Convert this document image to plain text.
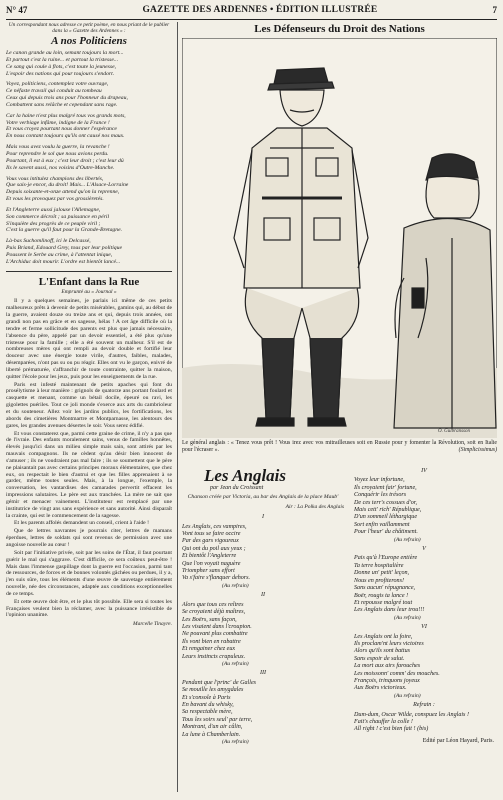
N° 47	GAZETTE DES ARDENNES • ÉDITION ILLUSTRÉE	7

Un correspondant nous adresse ce petit poème, en nous priant de le publier dans la « Gazette des Ardennes » :

A nos Politiciens
Le canon grande au loin, semant toujours la mort...
Et partout c'est la ruine... et partout la tristesse...
Ce sang qui coule à flots, c'est toute la jeunesse,
L'espoir des nations qui pour toujours s'endort.
Voyez, politiciens, contemplez votre ouvrage,
Ce néfaste travail qui conduit au tombeau
Ceux qui depuis trois ans pour l'honneur du drapeau,
Combattent sans relâche et cependant sans rage.
Car la haine n'est plus malgré tous vos grands mots,
Votre verbiage infâme, indigne de la France !
Et vous croyez pourtant nous donner l'espérance
En nous contant toujours qu'ils ont causé nos maux.
Mais vous avez voulu la guerre, la revanche !
Pour reprendre le sol que nous avions perdu.
Pourtant, il est à eux ; c'est leur droit ; c'est leur dû
Ils le savent aussi, nos voisins d'Outre-Manche.
Vous vous intitulez champions des libertés,
Que sais-je encor, du droit! Mais... L'Alsace-Lorraine
Depuis soixante-et-onze attend qu'on la reprenne,
Et vous les provoquez par vos grossièretés.
Et l'Angleterre aussi jalouse l'Allemagne,
Son commerce décroît ; sa puissance en péril
S'inquiète des progrès de ce peuple viril ;
C'est la guerre qu'il faut pour la Grande-Bretagne.
Là-bas Suchomlinoff, ici le Delcassé,
Puis Briand, Edouard Grey, tous par leur politique
Poussent le Serbe au crime, à l'attentat inique,
L'Archiduc doit mourir. L'ordre est bientôt lancé...
L'Enfant dans la Rue
Emprunté au « Journal »

Il y a quelques semaines, je parlais ici même de ces petits malheureux prêts à devenir de petits misérables, gamins qui, au début de la guerre, avaient douze ou treize ans et qui, depuis trois années, ont grandi non pas en grâce et en sagesse, hélas ! A cet âge difficile où la tendre et ferme sollicitude des parents est plus que jamais nécessaire, l'absence du père, appelé par un devoir essentiel, a été plus qu'une tristesse pour la famille ; elle a été souvent un malheur. S'il est de nombreuses mères qui ont rempli au devoir double et fortifié leur douceur avec une énergie toute virile, d'autres, faibles, malades, désemparées, n'ont pas su ou pu réagir. Elles ont vu le garçon, enivré de liberté prématurée, s'affranchir de toute contrainte, quitter la maison, quitter l'école pour les jeux, puis pour les enseignements de la rue.

Paris est infesté maintenant de petits apaches qui font du prosélytisme à leur manière : grignols de quatorze ans portant foulard et casquette et menant, comme un bétail docile, épeuré ou ravi, les gigolettes puériles. Tout ce joli monde s'exerce aux arts du cambrioleur et du souteneur. Allez voir les jardins publics, les fortifications, les abords des cimetières Montmartre et Montparnasse, les alentours des gares, les grandes avenues désertes le soir. Vous serez édifié.

Et vous constaterez que, parmi cette graine de crime, il n'y a pas que de l'ivraie. Des enfants moralement sains, venus de familles honnêtes, élevés jusqu'ici dans un milieu simple mais sain, sont attirés par les mauvais compagnons. Ils ne cèdent qu'au désir bien innocent de s'amuser ; ils ne voudraient pas mal faire ; ils se soumettent que le père ne plaisantait pas avec certains principes moraux élémentaires, que chez eux, on respectait le bien d'autrui et que les filles apprenaient à se garder, même toutes seules. Mais, à la longue, l'exemple, la conversation, les vantardises des camarades pervertit effacent les impressions salutaires. Le père est aux tranchées. La mère ne sait que gémir et menacer vainement. L'instituteur est remplacé par une institutrice de vingt ans sans expérience et sans autorité. Ainsi disparaît la crainte, qui est le commencement de la sagesse.

Et les parents affolés demandent un conseil, crient à l'aide !

Que de lettres navrantes je pourrais citer, lettres de mamans éperdues, lettres de soldats qui sont revenus de permission avec une angoisse nouvelle au cœur !

Soit par l'initiative privée, soit par les soins de l'État, il faut pourtant guérir le mal qui s'aggrave. C'est difficile, ce sera coûteux peut-être ! Mais dans l'immense gaspillage dont la guerre est l'occasion, parmi tant de ressources, de forces et de bonnes volontés gâchées ou perdues, il y a, j'en suis sûre, tous les éléments d'une œuvre de sauvetage entièrement nouvelle, née des circonstances, adaptée aux conditions exceptionnelles de ce temps.

Et cette œuvre doit être, et le plus tôt possible. Elle sera si toutes les Françaises veulent bien la réclamer, avec la puissance irrésistible de l'opinion unanime.

Marcelle Tinayre.
Les Défenseurs du Droit des Nations
O. Gulbransson
Le général anglais : « Tenez vous prêt ! Vous irez avec vos mitrailleuses soit en Russie pour y fomenter la Révolution, soit en Italie pour l'écraser ».	(Simplicissimus)
Les Anglais
par Jean du Croissant
Chanson créée par Victoria, au bar des Anglais de la place Maub'
Air : La Polka des Anglais
I
Les Anglais, ces vampires,
Vont tous se faire occire
Par des gars vigoureux
Qui ont du poil aux yeux ;
Et bientôt l'Angleterre
Que l'on voyait naguère
Triompher sans effort
Va s'faire s'flanquer dehors.
(Au refrain)
II
Alors que tous ces reîtres
Se croyaient déjà maîtres,
Les Boërs, sans façon,
Les visaient dans l'croupion.
Ne pouvant plus combattre
Ils vont bien en rabattre
Et rengainer chez eux
Leurs instincts crapuleux.
(Au refrain)
III
Pendant que l'princ' de Galles
Se mouille les amygdales
Et s'console à Paris
En bavant du whisky,
Sa respectable mère,
Tous les soirs seul' par terre,
Montrant, d'un air câlin,
La lune à Chamberlain.
(Au refrain)
IV
Voyez leur infortune,
Ils croyaient fair' fortune,
Conquérir les trésors
De ces terr's cossues d'or,
Mais cett' rich' République,
D'un sommeil léthargique
Sort enfin vaillamment
Pour l'heur' du châtiment.
(Au refrain)
V
Pais qu'à l'Europe entière
Ta terre hospitalière
Donne un' petit' leçon,
Nous en profiterons!
Sans aucun' répugnance,
Boër, rougis ta lance !
Et repousse malgré tout
Les Anglais dans leur trou!!!
(Au refrain)
VI
Les Anglais ont la foire,
Ils proclam'nt leurs victoires
Alors qu'ils sont battus
Sans espoir de salut.
La mort aux airs farouches
Les moissonn' comm' des mouches.
François, trinquons joyeux
Aux Boërs victorieux.
(Au refrain)
Refrain :
Dum-dum, Oscar Wilde, conspuez les Anglais !
Fait's chauffer la colle !
All right ! c'est bien fait ! (bis)
Edité par Léon Hayard, Paris.
